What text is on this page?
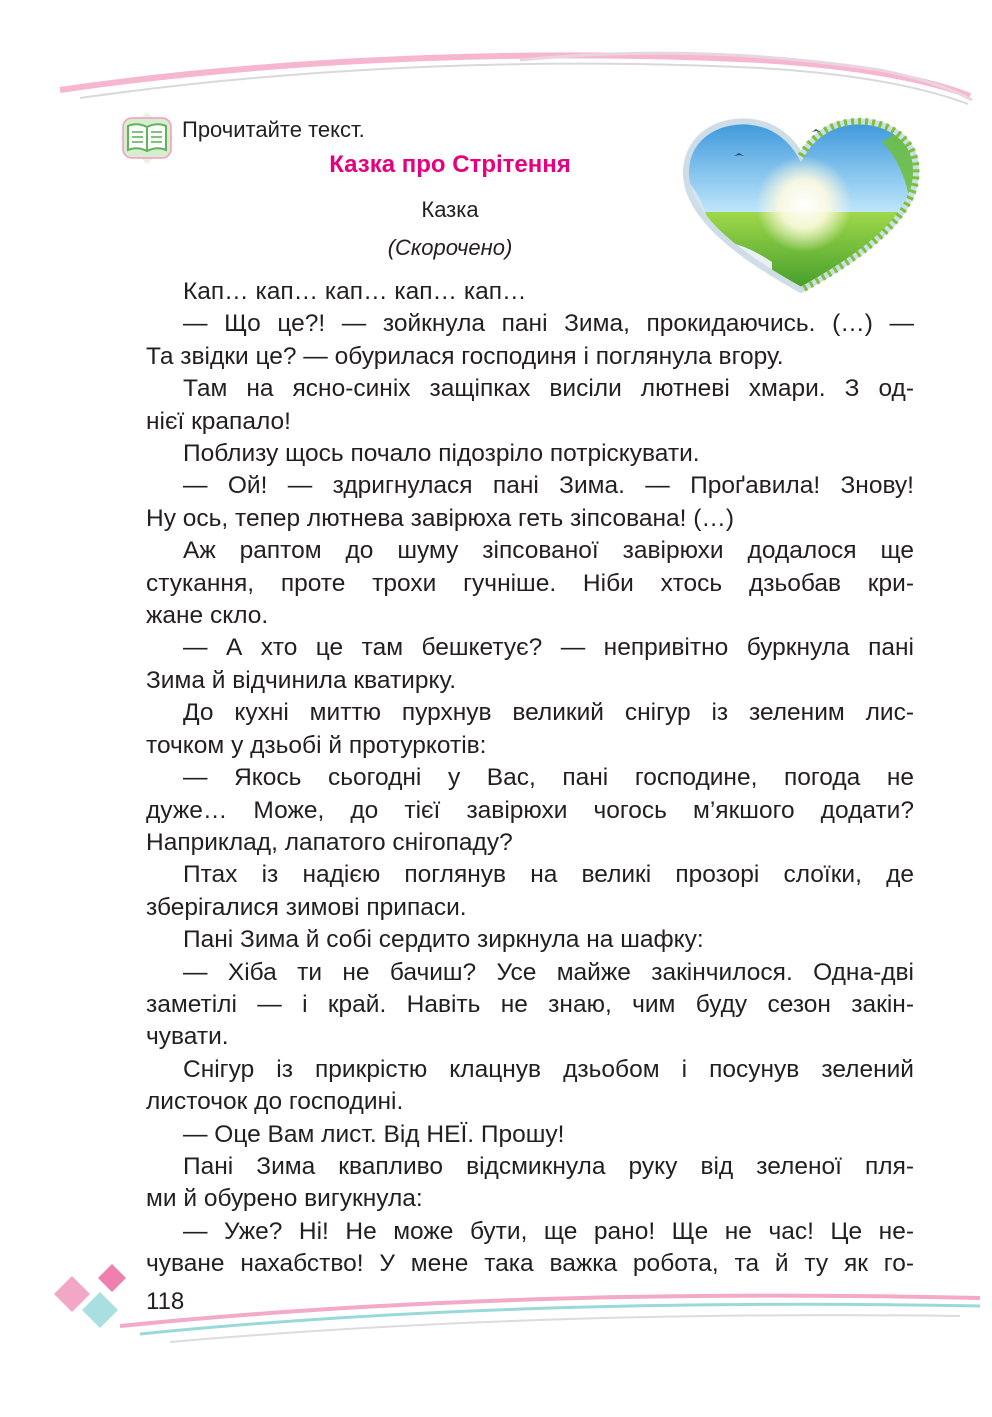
Прочитайте текст.
Казка про Стрітення
Казка
(Скорочено)
Кап… кап… кап… кап… кап…
— Що це?! — зойкнула пані Зима, прокидаючись. (…) —
Та звідки це? — обурилася господиня і поглянула вгору.
Там на ясно-синіх защіпках висіли лютневі хмари. З од-
нієї крапало!
Поблизу щось почало підозріло потріскувати.
— Ой! — здригнулася пані Зима. — Проґавила! Знову!
Ну ось, тепер лютнева завірюха геть зіпсована! (…)
Аж раптом до шуму зіпсованої завірюхи додалося ще
стукання, проте трохи гучніше. Ніби хтось дзьобав кри-
жане скло.
— А хто це там бешкетує? — непривітно буркнула пані
Зима й відчинила кватирку.
До кухні миттю пурхнув великий снігур із зеленим лис-
точком у дзьобі й протуркотів:
— Якось сьогодні у Вас, пані господине, погода не
дуже… Може, до тієї завірюхи чогось м’якшого додати?
Наприклад, лапатого снігопаду?
Птах із надією поглянув на великі прозорі слоїки, де
зберігалися зимові припаси.
Пані Зима й собі сердито зиркнула на шафку:
— Хіба ти не бачиш? Усе майже закінчилося. Одна-дві
заметілі — і край. Навіть не знаю, чим буду сезон закін-
чувати.
Снігур із прикрістю клацнув дзьобом і посунув зелений
листочок до господині.
— Оце Вам лист. Від НЕЇ. Прошу!
Пані Зима квапливо відсмикнула руку від зеленої пля-
ми й обурено вигукнула:
— Уже? Ні! Не може бути, ще рано! Ще не час! Це не-
чуване нахабство! У мене така важка робота, та й ту як го-
118
